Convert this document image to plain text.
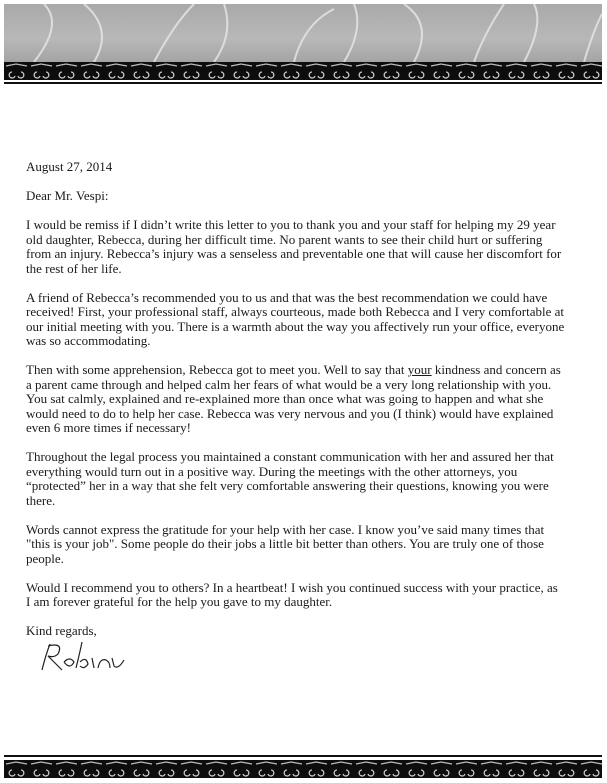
August 27, 2014
Dear Mr. Vespi:
I would be remiss if I didn’t write this letter to you to thank you and your staff for helping my 29 year
old daughter, Rebecca, during her difficult time. No parent wants to see their child hurt or suffering
from an injury. Rebecca’s injury was a senseless and preventable one that will cause her discomfort for
the rest of her life.
A friend of Rebecca’s recommended you to us and that was the best recommendation we could have
received! First, your professional staff, always courteous, made both Rebecca and I very comfortable at
our initial meeting with you. There is a warmth about the way you affectively run your office, everyone
was so accommodating.
Then with some apprehension, Rebecca got to meet you. Well to say that your kindness and concern as
a parent came through and helped calm her fears of what would be a very long relationship with you.
You sat calmly, explained and re-explained more than once what was going to happen and what she
would need to do to help her case. Rebecca was very nervous and you (I think) would have explained
even 6 more times if necessary!
Throughout the legal process you maintained a constant communication with her and assured her that
everything would turn out in a positive way. During the meetings with the other attorneys, you
“protected” her in a way that she felt very comfortable answering their questions, knowing you were
there.
Words cannot express the gratitude for your help with her case. I know you’ve said many times that
"this is your job". Some people do their jobs a little bit better than others. You are truly one of those
people.
Would I recommend you to others? In a heartbeat! I wish you continued success with your practice, as
I am forever grateful for the help you gave to my daughter.
Kind regards,
